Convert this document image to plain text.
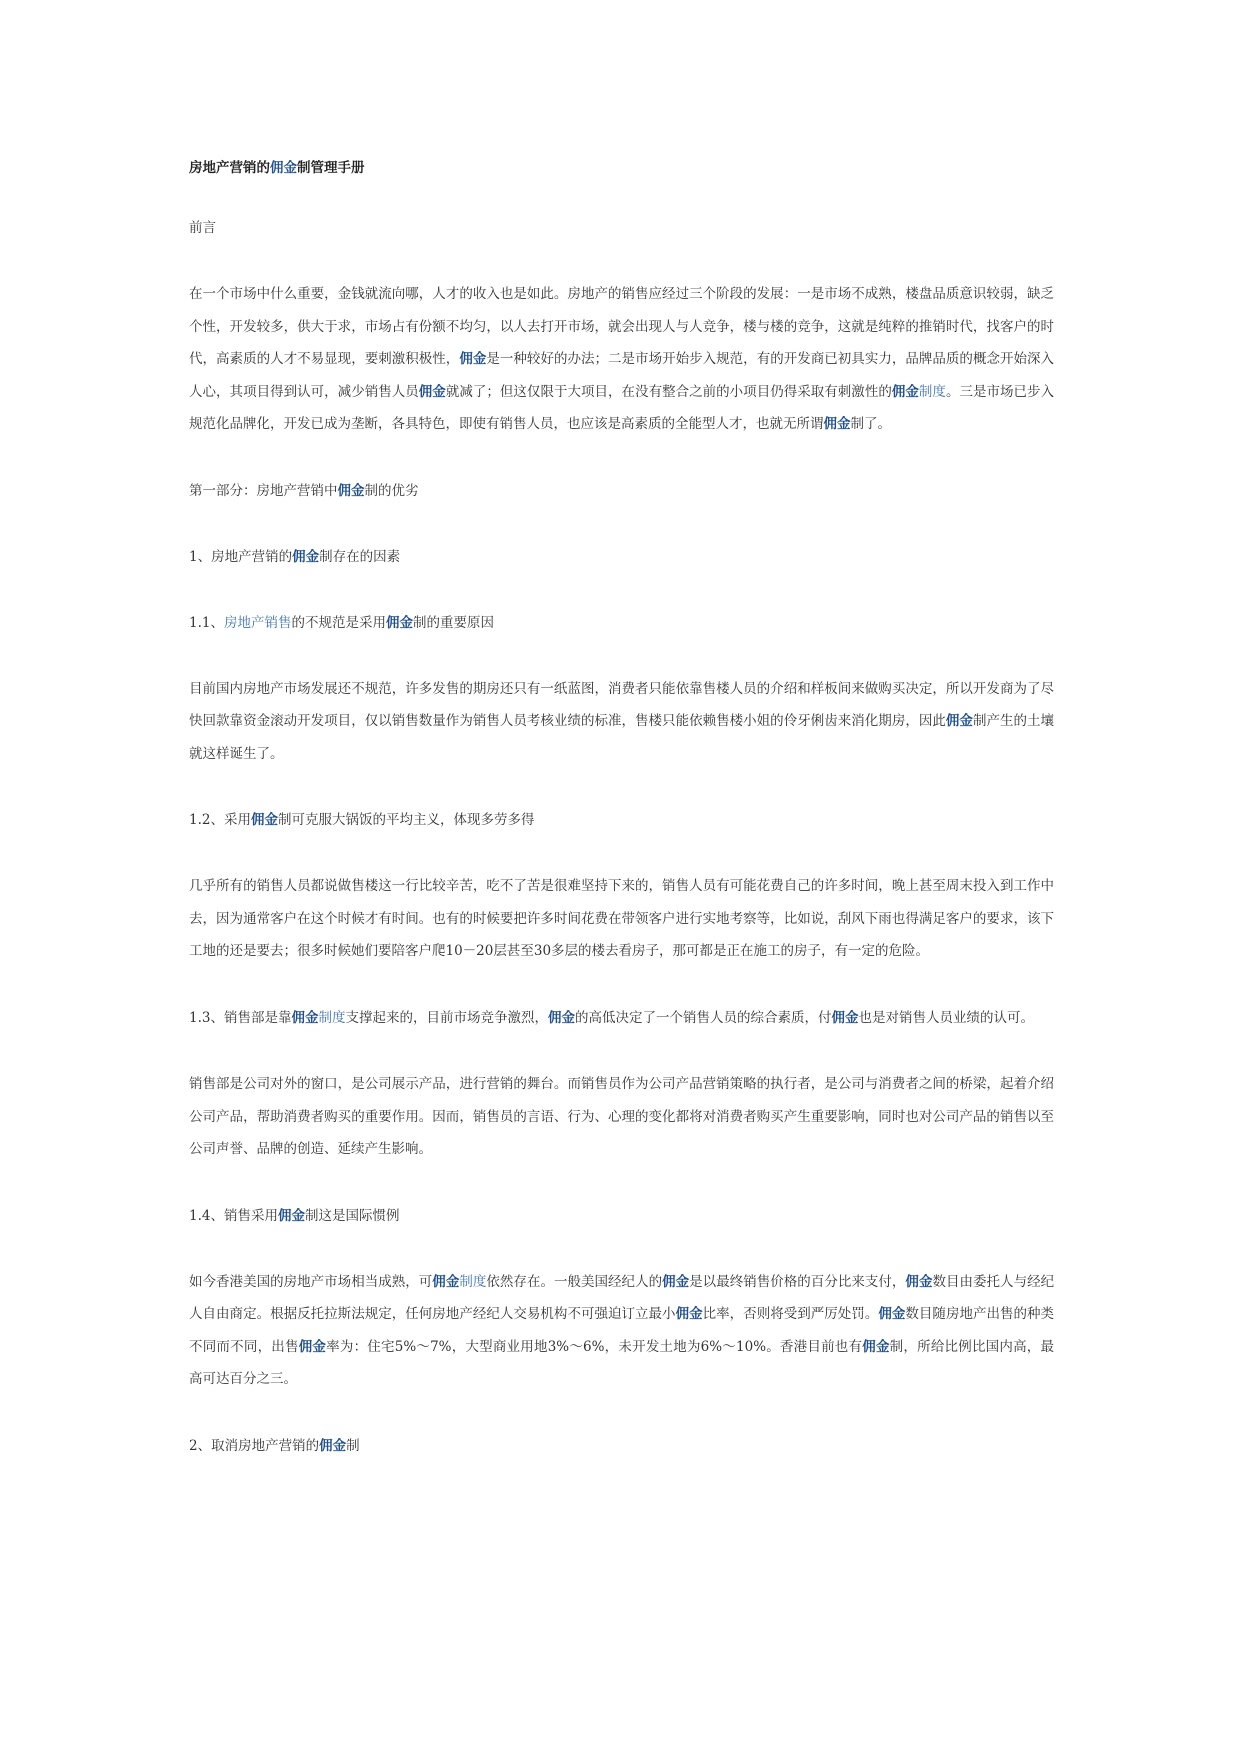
房地产营销的佣金制管理手册

前言

在一个市场中什么重要，金钱就流向哪，人才的收入也是如此。房地产的销售应经过三个阶段的发展：一是市场不成熟，楼盘品质意识较弱，缺乏个性，开发较多，供大于求，市场占有份额不均匀，以人去打开市场，就会出现人与人竞争，楼与楼的竞争，这就是纯粹的推销时代，找客户的时代，高素质的人才不易显现，要刺激积极性，佣金是一种较好的办法；二是市场开始步入规范，有的开发商已初具实力，品牌品质的概念开始深入人心，其项目得到认可，减少销售人员佣金就减了；但这仅限于大项目，在没有整合之前的小项目仍得采取有刺激性的佣金制度。三是市场已步入规范化品牌化，开发已成为垄断，各具特色，即使有销售人员，也应该是高素质的全能型人才，也就无所谓佣金制了。

第一部分：房地产营销中佣金制的优劣

1、房地产营销的佣金制存在的因素

1.1、房地产销售的不规范是采用佣金制的重要原因

目前国内房地产市场发展还不规范，许多发售的期房还只有一纸蓝图，消费者只能依靠售楼人员的介绍和样板间来做购买决定，所以开发商为了尽快回款靠资金滚动开发项目，仅以销售数量作为销售人员考核业绩的标准，售楼只能依赖售楼小姐的伶牙俐齿来消化期房，因此佣金制产生的土壤就这样诞生了。

1.2、采用佣金制可克服大锅饭的平均主义，体现多劳多得

几乎所有的销售人员都说做售楼这一行比较辛苦，吃不了苦是很难坚持下来的，销售人员有可能花费自己的许多时间，晚上甚至周末投入到工作中去，因为通常客户在这个时候才有时间。也有的时候要把许多时间花费在带领客户进行实地考察等，比如说，刮风下雨也得满足客户的要求，该下工地的还是要去；很多时候她们要陪客户爬10－20层甚至30多层的楼去看房子，那可都是正在施工的房子，有一定的危险。

1.3、销售部是靠佣金制度支撑起来的，目前市场竞争激烈，佣金的高低决定了一个销售人员的综合素质，付佣金也是对销售人员业绩的认可。

销售部是公司对外的窗口，是公司展示产品，进行营销的舞台。而销售员作为公司产品营销策略的执行者，是公司与消费者之间的桥梁，起着介绍公司产品，帮助消费者购买的重要作用。因而，销售员的言语、行为、心理的变化都将对消费者购买产生重要影响，同时也对公司产品的销售以至公司声誉、品牌的创造、延续产生影响。

1.4、销售采用佣金制这是国际惯例

如今香港美国的房地产市场相当成熟，可佣金制度依然存在。一般美国经纪人的佣金是以最终销售价格的百分比来支付，佣金数目由委托人与经纪人自由商定。根据反托拉斯法规定，任何房地产经纪人交易机构不可强迫订立最小佣金比率，否则将受到严厉处罚。佣金数目随房地产出售的种类不同而不同，出售佣金率为：住宅5%～7%，大型商业用地3%～6%，未开发土地为6%～10%。香港目前也有佣金制，所给比例比国内高，最高可达百分之三。

2、取消房地产营销的佣金制
